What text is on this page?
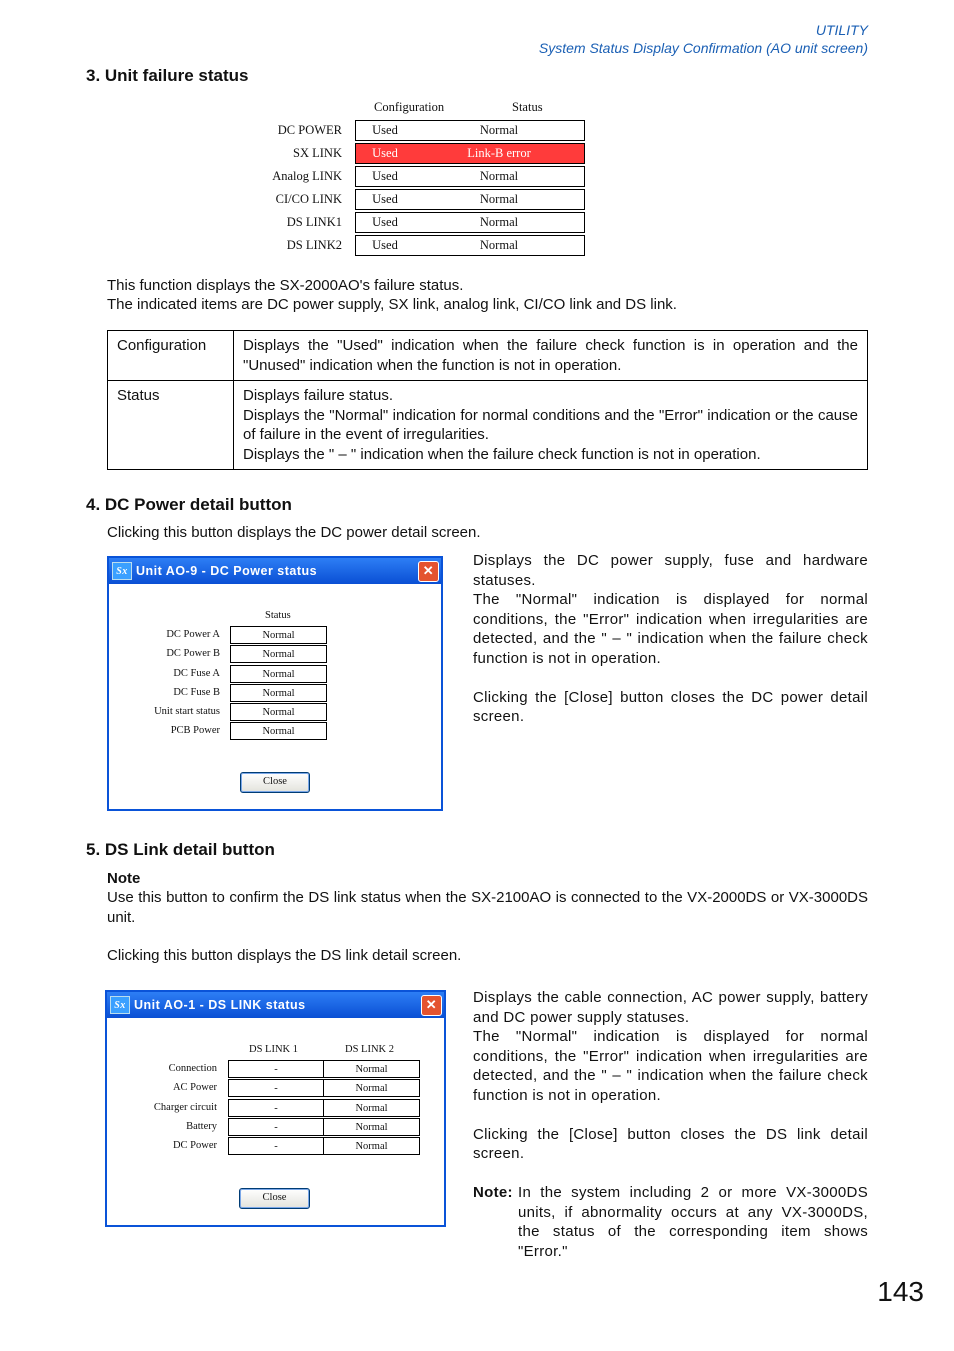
UTILITY
System Status Display Confirmation (AO unit screen)
3. Unit failure status
Configuration	Status
DC POWER	Used	Normal
SX LINK	Used	Link-B error
Analog LINK	Used	Normal
CI/CO LINK	Used	Normal
DS LINK1	Used	Normal
DS LINK2	Used	Normal
This function displays the SX-2000AO's failure status.
The indicated items are DC power supply, SX link, analog link, CI/CO link and DS link.
Configuration	Displays the "Used" indication when the failure check function is in operation and the "Unused" indication when the function is not in operation.

Status	Displays failure status.
Displays the "Normal" indication for normal conditions and the "Error" indication or the cause of failure in the event of irregularities.
Displays the " – " indication when the failure check function is not in operation.
4. DC Power detail button
Clicking this button displays the DC power detail screen.
Sx Unit AO-9 - DC Power status	✕
Status
DC Power A	Normal
DC Power B	Normal
DC Fuse A	Normal
DC Fuse B	Normal
Unit start status	Normal
PCB Power	Normal
Close
Displays the DC power supply, fuse and hardware statuses.
The "Normal" indication is displayed for normal conditions, the "Error" indication when irregularities are detected, and the " – " indication when the failure check function is not in operation.
Clicking the [Close] button closes the DC power detail screen.
5. DS Link detail button
Note
Use this button to confirm the DS link status when the SX-2100AO is connected to the VX-2000DS or VX-3000DS unit.
Clicking this button displays the DS link detail screen.
Sx Unit AO-1 - DS LINK status	✕
DS LINK 1	DS LINK 2
Connection	-	Normal
AC Power	-	Normal
Charger circuit	-	Normal
Battery	-	Normal
DC Power	-	Normal
Close
Displays the cable connection, AC power supply, battery and DC power supply statuses.
The "Normal" indication is displayed for normal conditions, the "Error" indication when irregularities are detected, and the " – " indication when the failure check function is not in operation.
Clicking the [Close] button closes the DS link detail screen.
Note: In the system including 2 or more VX-3000DS units, if abnormality occurs at any VX-3000DS, the status of the corresponding item shows "Error."
143
